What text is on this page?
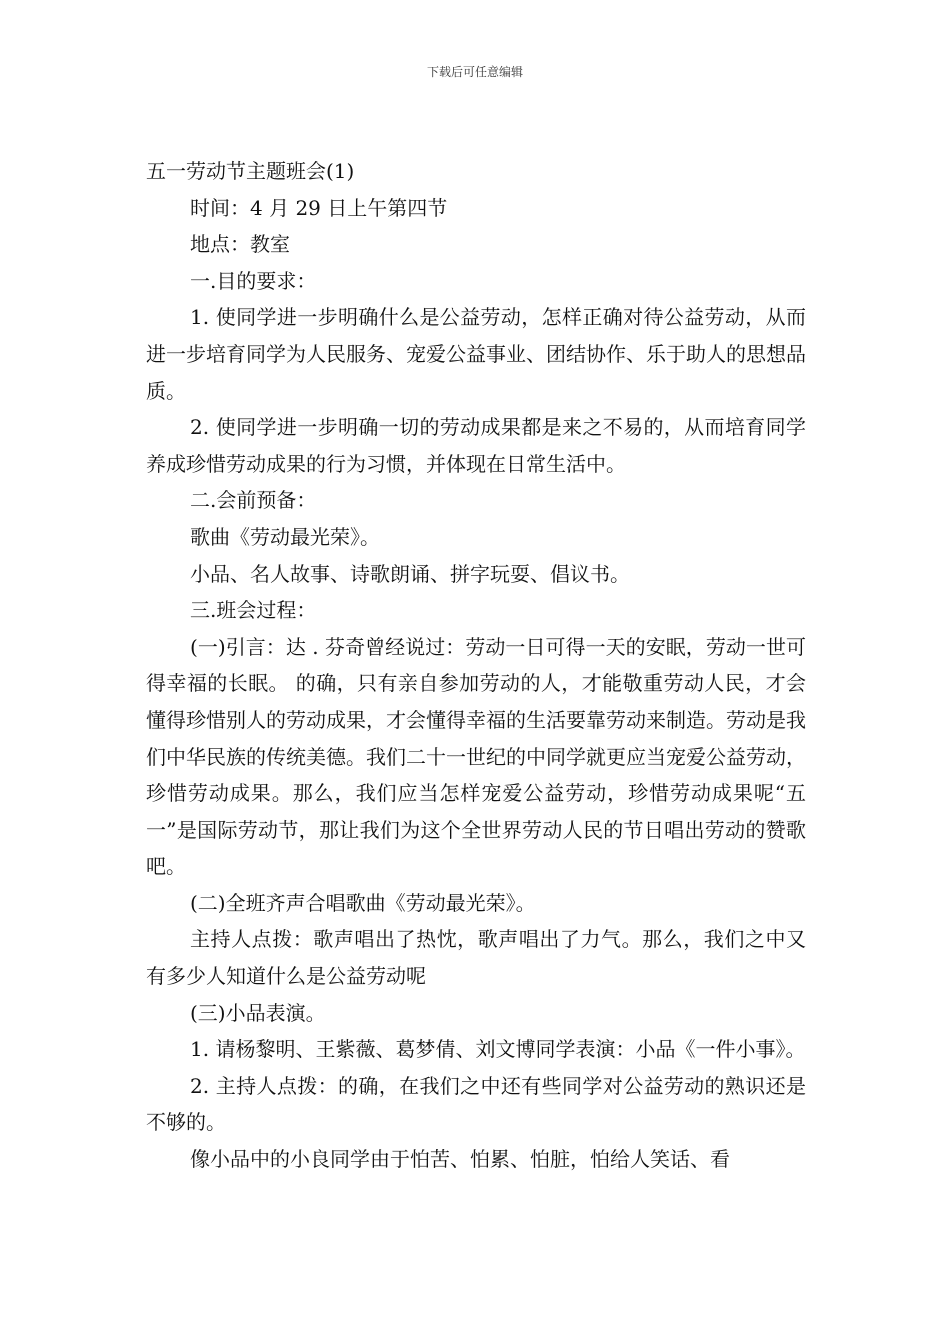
下载后可任意编辑

五一劳动节主题班会(1)

时间：4 月 29 日上午第四节

地点：教室

一.目的要求：

1. 使同学进一步明确什么是公益劳动，怎样正确对待公益劳动，从而进一步培育同学为人民服务、宠爱公益事业、团结协作、乐于助人的思想品质。

2. 使同学进一步明确一切的劳动成果都是来之不易的，从而培育同学养成珍惜劳动成果的行为习惯，并体现在日常生活中。

二.会前预备：

歌曲《劳动最光荣》。

小品、名人故事、诗歌朗诵、拼字玩耍、倡议书。

三.班会过程：

(一)引言：达 . 芬奇曾经说过：劳动一日可得一天的安眠，劳动一世可得幸福的长眠。 的确，只有亲自参加劳动的人，才能敬重劳动人民，才会懂得珍惜别人的劳动成果，才会懂得幸福的生活要靠劳动来制造。劳动是我们中华民族的传统美德。我们二十一世纪的中同学就更应当宠爱公益劳动，珍惜劳动成果。那么，我们应当怎样宠爱公益劳动，珍惜劳动成果呢“五一”是国际劳动节，那让我们为这个全世界劳动人民的节日唱出劳动的赞歌吧。

(二)全班齐声合唱歌曲《劳动最光荣》。

主持人点拨：歌声唱出了热忱，歌声唱出了力气。那么，我们之中又有多少人知道什么是公益劳动呢

(三)小品表演。

1. 请杨黎明、王紫薇、葛梦倩、刘文博同学表演：小品《一件小事》。

2. 主持人点拨：的确，在我们之中还有些同学对公益劳动的熟识还是不够的。

像小品中的小良同学由于怕苦、怕累、怕脏，怕给人笑话、看
